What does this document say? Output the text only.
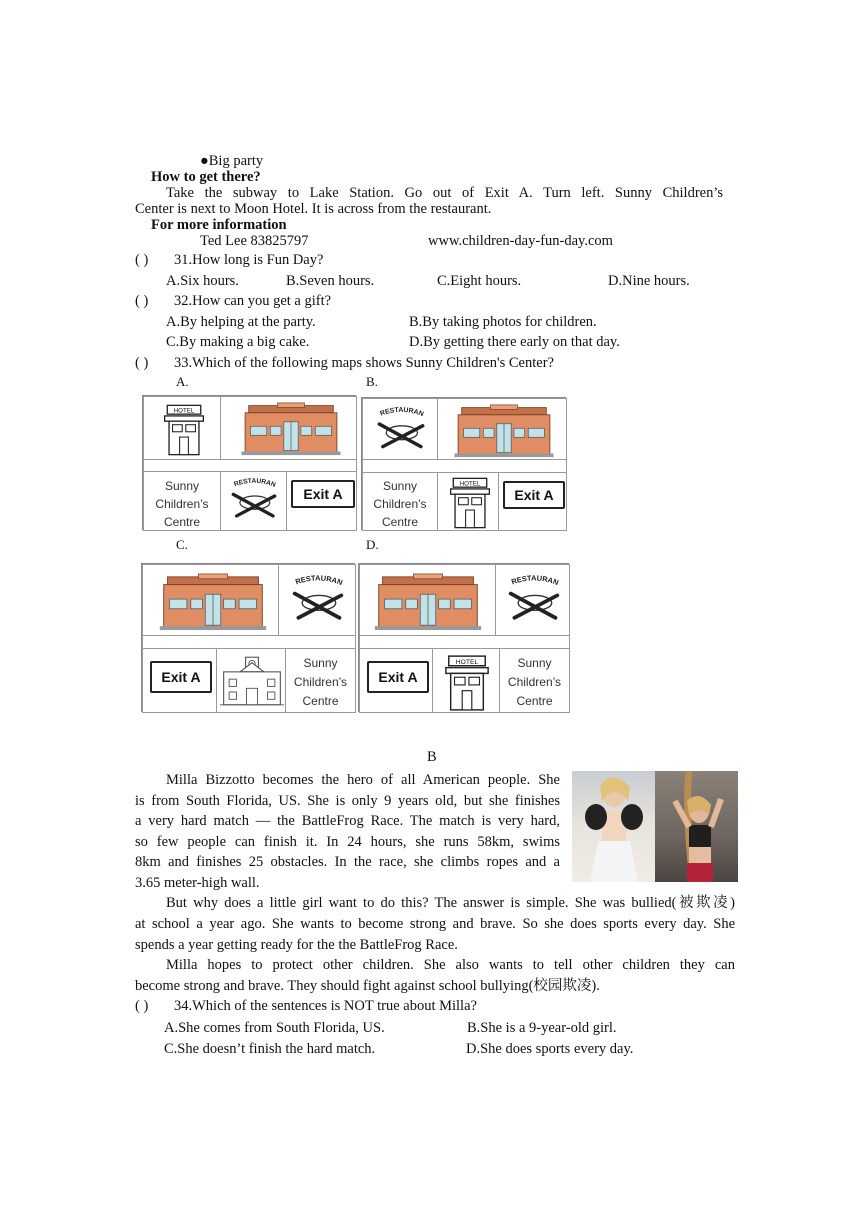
●Big party
How to get there?
Take the subway to Lake Station. Go out of Exit A. Turn left. Sunny Children’s
Center is next to Moon Hotel. It is across from the restaurant.
For more information
Ted Lee 83825797	www.children-day-fun-day.com
( ) 31.How long is Fun Day?
A.Six hours.	B.Seven hours.	C.Eight hours.	D.Nine hours.
( ) 32.How can you get a gift?
A.By helping at the party.	B.By taking photos for children.
C.By making a big cake.	D.By getting there early on that day.
( ) 33.Which of the following maps shows Sunny Children's Center?
A.	B.
C.	D.
Sunny
Children’s
Centre
Exit A	Sunny
Children’s
Centre
Exit A
Exit A
Sunny
Children’s
Centre
Exit A
Sunny
Children’s
Centre
B
Milla Bizzotto becomes the hero of all American people. She
is from South Florida, US. She is only 9 years old, but she finishes
a very hard match — the BattleFrog Race. The match is very hard,
so few people can finish it. In 24 hours, she runs 58km, swims
8km and finishes 25 obstacles. In the race, she climbs ropes and a
3.65 meter-high wall.
But why does a little girl want to do this? The answer is simple. She was bullied(被欺凌)
at school a year ago. She wants to become strong and brave. So she does sports every day. She
spends a year getting ready for the the BattleFrog Race.
Milla hopes to protect other children. She also wants to tell other children they can
become strong and brave. They should fight against school bullying(校园欺凌).
( ) 34.Which of the sentences is NOT true about Milla?
A.She comes from South Florida, US.	B.She is a 9-year-old girl.
C.She doesn’t finish the hard match.	D.She does sports every day.
